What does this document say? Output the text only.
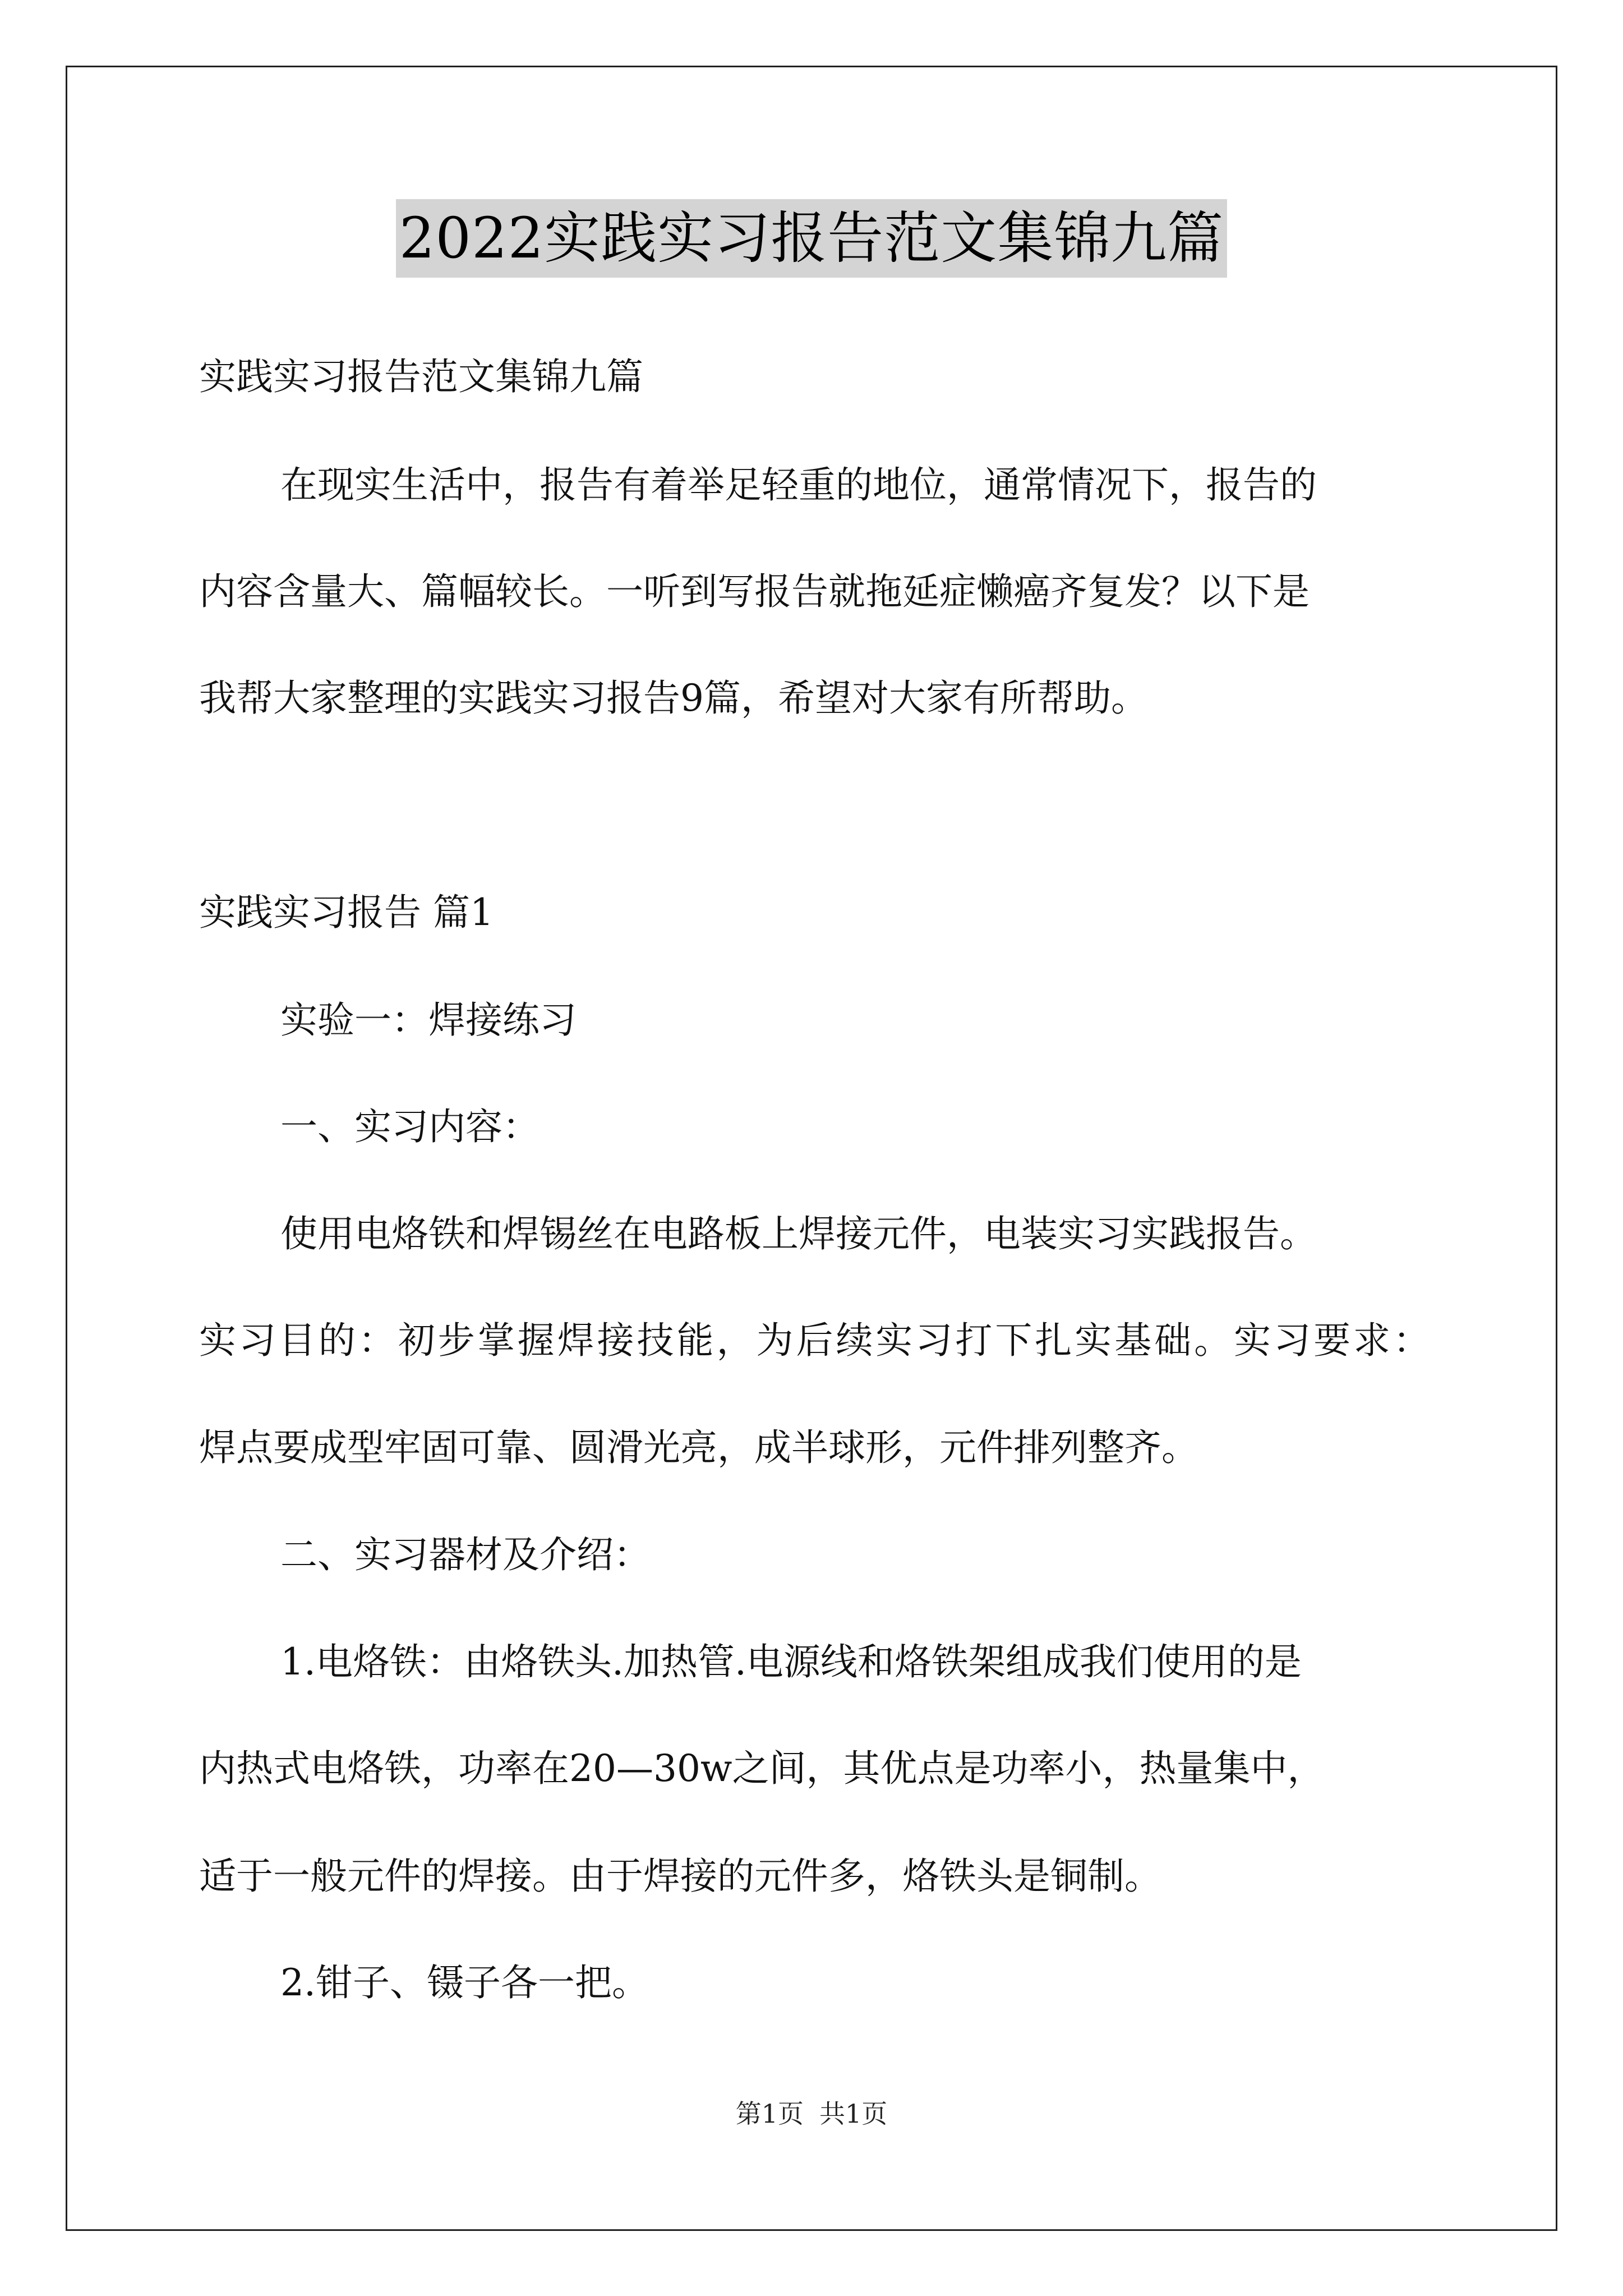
2022实践实习报告范文集锦九篇
实践实习报告范文集锦九篇
在现实生活中，报告有着举足轻重的地位，通常情况下，报告的
内容含量大、篇幅较长。一听到写报告就拖延症懒癌齐复发？以下是
我帮大家整理的实践实习报告9篇，希望对大家有所帮助。
实践实习报告 篇1
实验一：焊接练习
一、实习内容：
使用电烙铁和焊锡丝在电路板上焊接元件，电装实习实践报告。
实习目的：初步掌握焊接技能，为后续实习打下扎实基础。实习要求：
焊点要成型牢固可靠、圆滑光亮，成半球形，元件排列整齐。
二、实习器材及介绍：
1.电烙铁：由烙铁头.加热管.电源线和烙铁架组成我们使用的是
内热式电烙铁，功率在20—30w之间，其优点是功率小，热量集中，
适于一般元件的焊接。由于焊接的元件多，烙铁头是铜制。
2.钳子、镊子各一把。
第1页 共1页
